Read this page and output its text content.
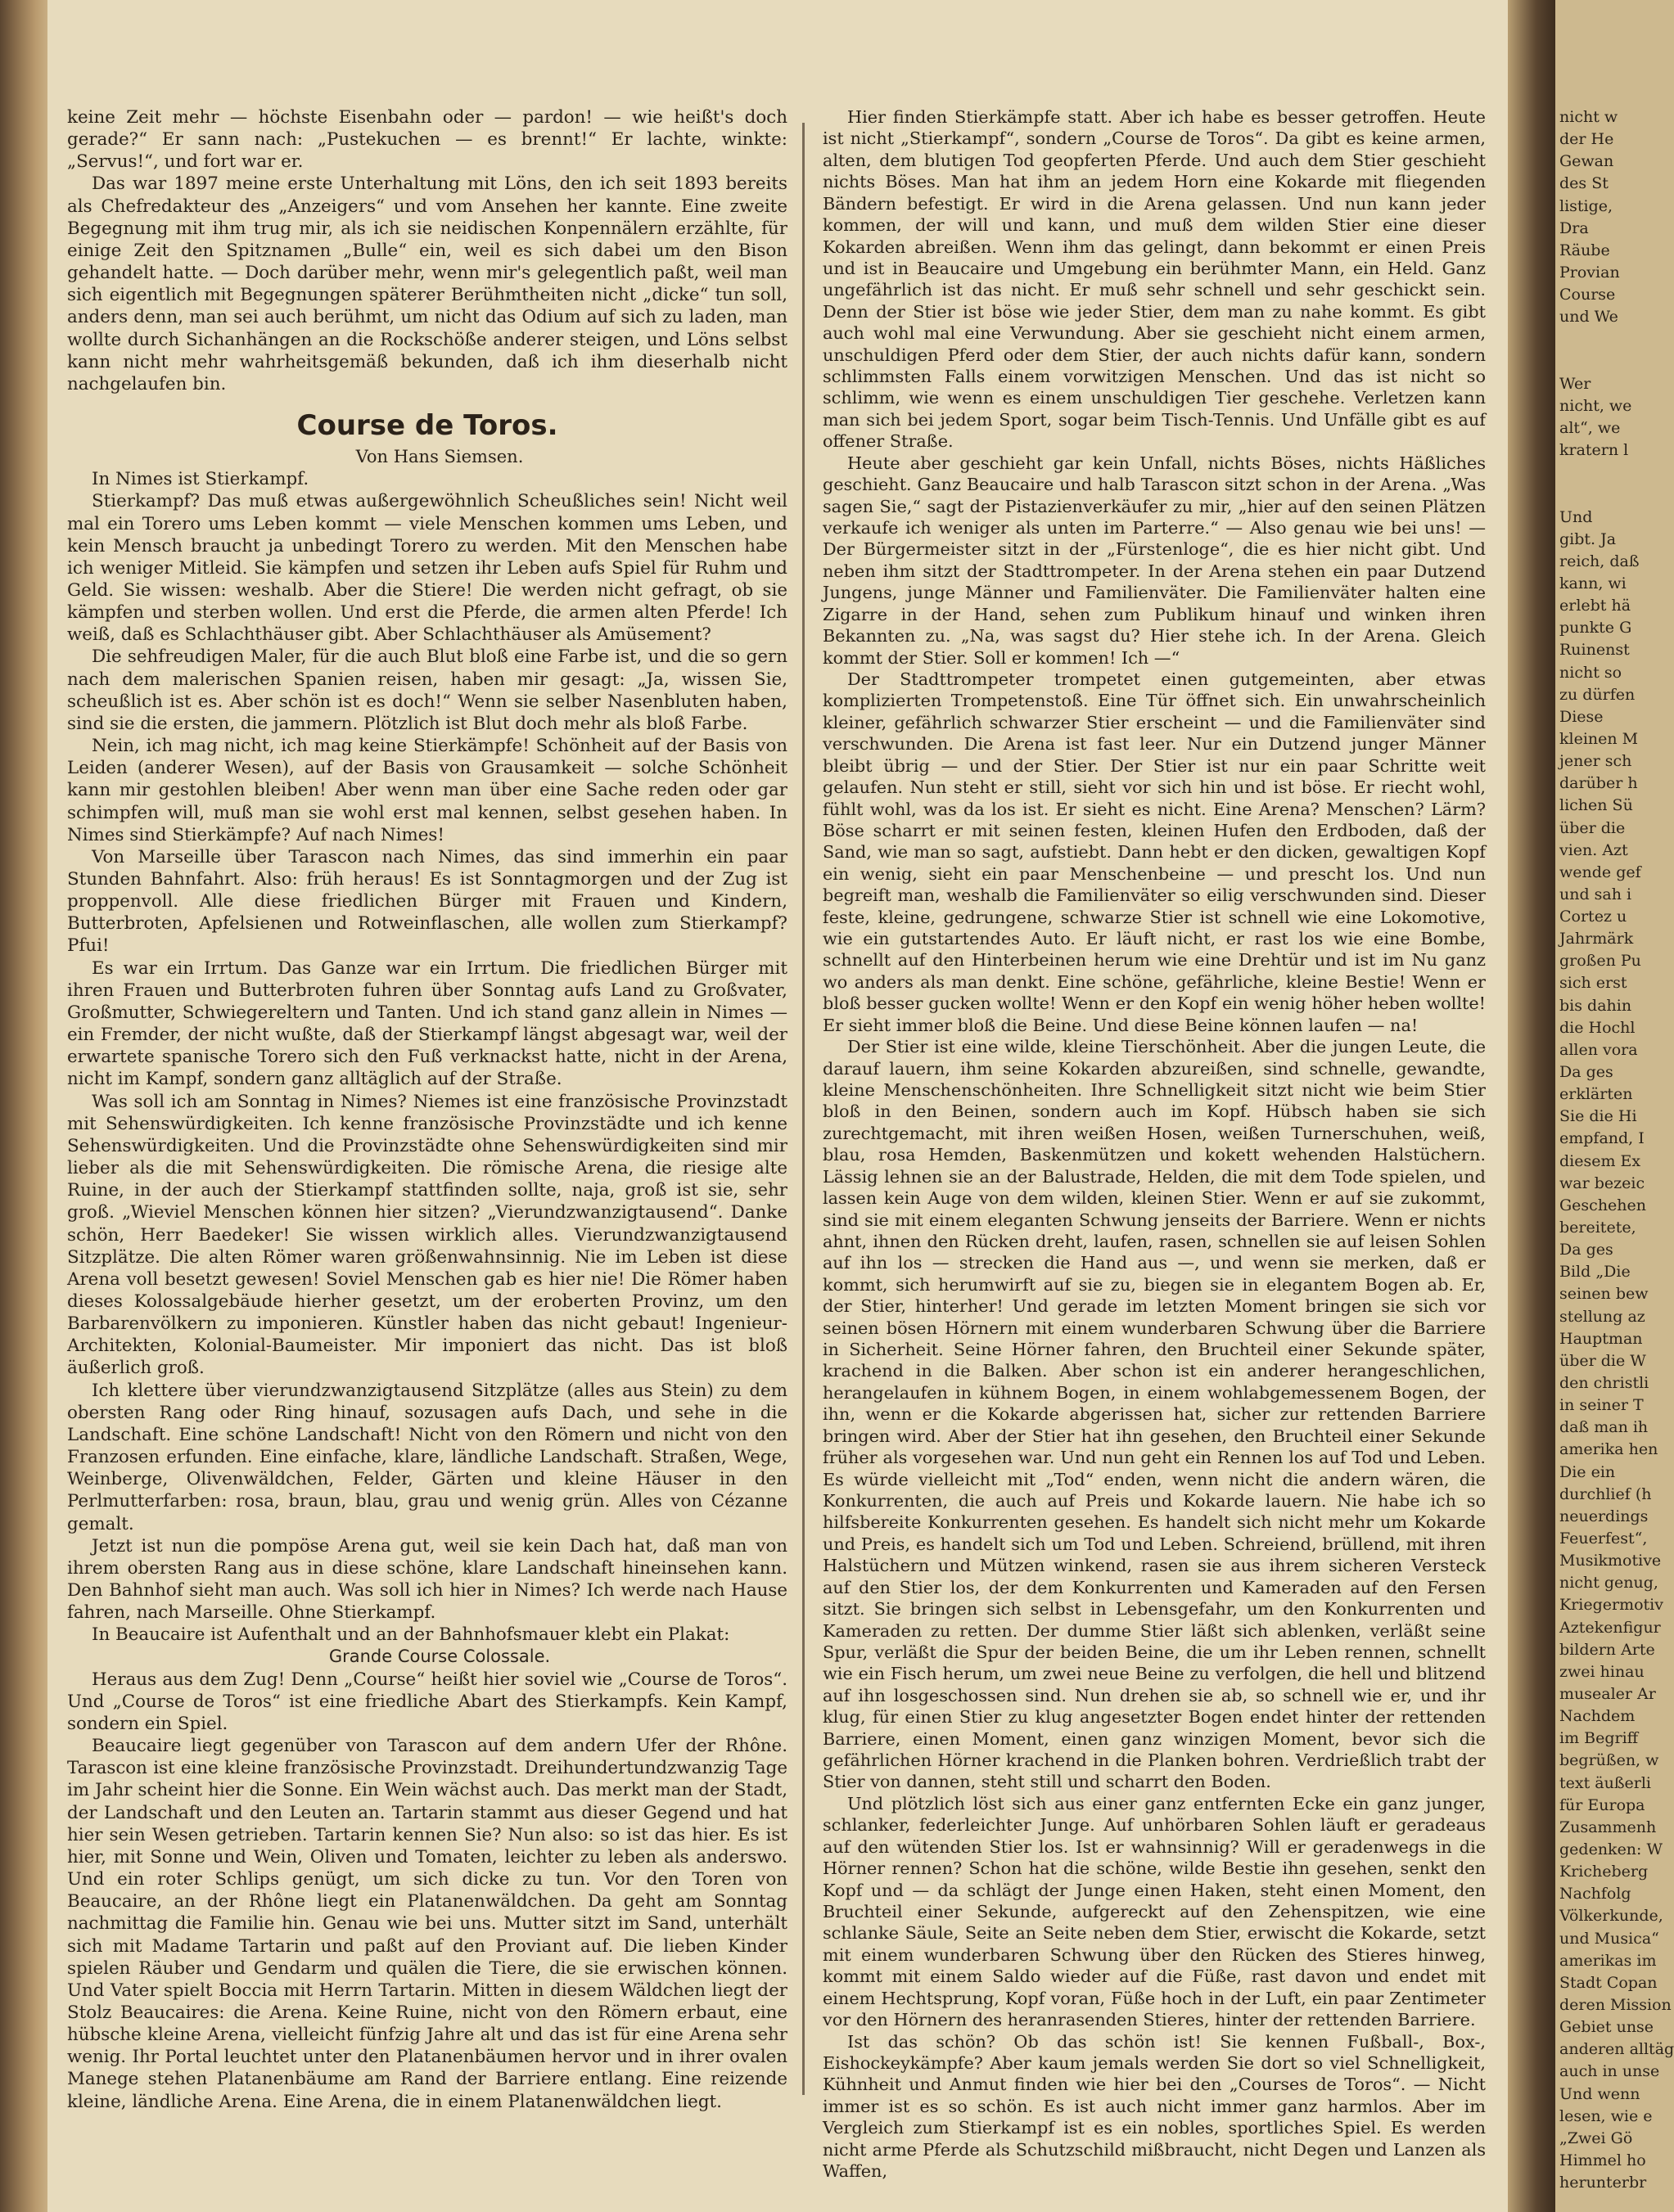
keine Zeit mehr — höchste Eisenbahn oder — pardon! — wie heißt's doch gerade?“ Er sann nach: „Pustekuchen — es brennt!“ Er lachte, winkte: „Servus!“, und fort war er.

Das war 1897 meine erste Unterhaltung mit Löns, den ich seit 1893 bereits als Chefredakteur des „Anzeigers“ und vom Ansehen her kannte. Eine zweite Begegnung mit ihm trug mir, als ich sie neidischen Konpennälern erzählte, für einige Zeit den Spitznamen „Bulle“ ein, weil es sich dabei um den Bison gehandelt hatte. — Doch darüber mehr, wenn mir's gelegentlich paßt, weil man sich eigentlich mit Begegnungen späterer Berühmtheiten nicht „dicke“ tun soll, anders denn, man sei auch berühmt, um nicht das Odium auf sich zu laden, man wollte durch Sichanhängen an die Rockschöße anderer steigen, und Löns selbst kann nicht mehr wahrheitsgemäß bekunden, daß ich ihm dieserhalb nicht nachgelaufen bin.

Course de Toros.

Von Hans Siemsen.

In Nimes ist Stierkampf.

Stierkampf? Das muß etwas außergewöhnlich Scheußliches sein! Nicht weil mal ein Torero ums Leben kommt — viele Menschen kommen ums Leben, und kein Mensch braucht ja unbedingt Torero zu werden. Mit den Menschen habe ich weniger Mitleid. Sie kämpfen und setzen ihr Leben aufs Spiel für Ruhm und Geld. Sie wissen: weshalb. Aber die Stiere! Die werden nicht gefragt, ob sie kämpfen und sterben wollen. Und erst die Pferde, die armen alten Pferde! Ich weiß, daß es Schlachthäuser gibt. Aber Schlachthäuser als Amüsement?

Die sehfreudigen Maler, für die auch Blut bloß eine Farbe ist, und die so gern nach dem malerischen Spanien reisen, haben mir gesagt: „Ja, wissen Sie, scheußlich ist es. Aber schön ist es doch!“ Wenn sie selber Nasenbluten haben, sind sie die ersten, die jammern. Plötzlich ist Blut doch mehr als bloß Farbe.

Nein, ich mag nicht, ich mag keine Stierkämpfe! Schönheit auf der Basis von Leiden (anderer Wesen), auf der Basis von Grausamkeit — solche Schönheit kann mir gestohlen bleiben! Aber wenn man über eine Sache reden oder gar schimpfen will, muß man sie wohl erst mal kennen, selbst gesehen haben. In Nimes sind Stierkämpfe? Auf nach Nimes!

Von Marseille über Tarascon nach Nimes, das sind immerhin ein paar Stunden Bahnfahrt. Also: früh heraus! Es ist Sonntagmorgen und der Zug ist proppenvoll. Alle diese friedlichen Bürger mit Frauen und Kindern, Butterbroten, Apfelsienen und Rotweinflaschen, alle wollen zum Stierkampf? Pfui!

Es war ein Irrtum. Das Ganze war ein Irrtum. Die friedlichen Bürger mit ihren Frauen und Butterbroten fuhren über Sonntag aufs Land zu Großvater, Großmutter, Schwiegereltern und Tanten. Und ich stand ganz allein in Nimes — ein Fremder, der nicht wußte, daß der Stierkampf längst abgesagt war, weil der erwartete spanische Torero sich den Fuß verknackst hatte, nicht in der Arena, nicht im Kampf, sondern ganz alltäglich auf der Straße.

Was soll ich am Sonntag in Nimes? Niemes ist eine französische Provinzstadt mit Sehenswürdigkeiten. Ich kenne französische Provinzstädte und ich kenne Sehenswürdigkeiten. Und die Provinzstädte ohne Sehenswürdigkeiten sind mir lieber als die mit Sehenswürdigkeiten. Die römische Arena, die riesige alte Ruine, in der auch der Stierkampf stattfinden sollte, naja, groß ist sie, sehr groß. „Wieviel Menschen können hier sitzen? „Vierundzwanzigtausend“. Danke schön, Herr Baedeker! Sie wissen wirklich alles. Vierundzwanzigtausend Sitzplätze. Die alten Römer waren größenwahnsinnig. Nie im Leben ist diese Arena voll besetzt gewesen! Soviel Menschen gab es hier nie! Die Römer haben dieses Kolossalgebäude hierher gesetzt, um der eroberten Provinz, um den Barbarenvölkern zu imponieren. Künstler haben das nicht gebaut! Ingenieur-Architekten, Kolonial-Baumeister. Mir imponiert das nicht. Das ist bloß äußerlich groß.

Ich klettere über vierundzwanzigtausend Sitzplätze (alles aus Stein) zu dem obersten Rang oder Ring hinauf, sozusagen aufs Dach, und sehe in die Landschaft. Eine schöne Landschaft! Nicht von den Römern und nicht von den Franzosen erfunden. Eine einfache, klare, ländliche Landschaft. Straßen, Wege, Weinberge, Olivenwäldchen, Felder, Gärten und kleine Häuser in den Perlmutterfarben: rosa, braun, blau, grau und wenig grün. Alles von Cézanne gemalt.

Jetzt ist nun die pompöse Arena gut, weil sie kein Dach hat, daß man von ihrem obersten Rang aus in diese schöne, klare Landschaft hineinsehen kann. Den Bahnhof sieht man auch. Was soll ich hier in Nimes? Ich werde nach Hause fahren, nach Marseille. Ohne Stierkampf.

In Beaucaire ist Aufenthalt und an der Bahnhofsmauer klebt ein Plakat:

Grande Course Colossale.

Heraus aus dem Zug! Denn „Course“ heißt hier soviel wie „Course de Toros“. Und „Course de Toros“ ist eine friedliche Abart des Stierkampfs. Kein Kampf, sondern ein Spiel.

Beaucaire liegt gegenüber von Tarascon auf dem andern Ufer der Rhône. Tarascon ist eine kleine französische Provinzstadt. Dreihundertundzwanzig Tage im Jahr scheint hier die Sonne. Ein Wein wächst auch. Das merkt man der Stadt, der Landschaft und den Leuten an. Tartarin stammt aus dieser Gegend und hat hier sein Wesen getrieben. Tartarin kennen Sie? Nun also: so ist das hier. Es ist hier, mit Sonne und Wein, Oliven und Tomaten, leichter zu leben als anderswo. Und ein roter Schlips genügt, um sich dicke zu tun. Vor den Toren von Beaucaire, an der Rhône liegt ein Platanenwäldchen. Da geht am Sonntag nachmittag die Familie hin. Genau wie bei uns. Mutter sitzt im Sand, unterhält sich mit Madame Tartarin und paßt auf den Proviant auf. Die lieben Kinder spielen Räuber und Gendarm und quälen die Tiere, die sie erwischen können. Und Vater spielt Boccia mit Herrn Tartarin. Mitten in diesem Wäldchen liegt der Stolz Beaucaires: die Arena. Keine Ruine, nicht von den Römern erbaut, eine hübsche kleine Arena, vielleicht fünfzig Jahre alt und das ist für eine Arena sehr wenig. Ihr Portal leuchtet unter den Platanenbäumen hervor und in ihrer ovalen Manege stehen Platanenbäume am Rand der Barriere entlang. Eine reizende kleine, ländliche Arena. Eine Arena, die in einem Platanenwäldchen liegt.

Hier finden Stierkämpfe statt. Aber ich habe es besser getroffen. Heute ist nicht „Stierkampf“, sondern „Course de Toros“. Da gibt es keine armen, alten, dem blutigen Tod geopferten Pferde. Und auch dem Stier geschieht nichts Böses. Man hat ihm an jedem Horn eine Kokarde mit fliegenden Bändern befestigt. Er wird in die Arena gelassen. Und nun kann jeder kommen, der will und kann, und muß dem wilden Stier eine dieser Kokarden abreißen. Wenn ihm das gelingt, dann bekommt er einen Preis und ist in Beaucaire und Umgebung ein berühmter Mann, ein Held. Ganz ungefährlich ist das nicht. Er muß sehr schnell und sehr geschickt sein. Denn der Stier ist böse wie jeder Stier, dem man zu nahe kommt. Es gibt auch wohl mal eine Verwundung. Aber sie geschieht nicht einem armen, unschuldigen Pferd oder dem Stier, der auch nichts dafür kann, sondern schlimmsten Falls einem vorwitzigen Menschen. Und das ist nicht so schlimm, wie wenn es einem unschuldigen Tier geschehe. Verletzen kann man sich bei jedem Sport, sogar beim Tisch-Tennis. Und Unfälle gibt es auf offener Straße.

Heute aber geschieht gar kein Unfall, nichts Böses, nichts Häßliches geschieht. Ganz Beaucaire und halb Tarascon sitzt schon in der Arena. „Was sagen Sie,“ sagt der Pistazienverkäufer zu mir, „hier auf den seinen Plätzen verkaufe ich weniger als unten im Parterre.“ — Also genau wie bei uns! — Der Bürgermeister sitzt in der „Fürstenloge“, die es hier nicht gibt. Und neben ihm sitzt der Stadttrompeter. In der Arena stehen ein paar Dutzend Jungens, junge Männer und Familienväter. Die Familienväter halten eine Zigarre in der Hand, sehen zum Publikum hinauf und winken ihren Bekannten zu. „Na, was sagst du? Hier stehe ich. In der Arena. Gleich kommt der Stier. Soll er kommen! Ich —“

Der Stadttrompeter trompetet einen gutgemeinten, aber etwas komplizierten Trompetenstoß. Eine Tür öffnet sich. Ein unwahrscheinlich kleiner, gefährlich schwarzer Stier erscheint — und die Familienväter sind verschwunden. Die Arena ist fast leer. Nur ein Dutzend junger Männer bleibt übrig — und der Stier. Der Stier ist nur ein paar Schritte weit gelaufen. Nun steht er still, sieht vor sich hin und ist böse. Er riecht wohl, fühlt wohl, was da los ist. Er sieht es nicht. Eine Arena? Menschen? Lärm? Böse scharrt er mit seinen festen, kleinen Hufen den Erdboden, daß der Sand, wie man so sagt, aufstiebt. Dann hebt er den dicken, gewaltigen Kopf ein wenig, sieht ein paar Menschenbeine — und prescht los. Und nun begreift man, weshalb die Familienväter so eilig verschwunden sind. Dieser feste, kleine, gedrungene, schwarze Stier ist schnell wie eine Lokomotive, wie ein gutstartendes Auto. Er läuft nicht, er rast los wie eine Bombe, schnellt auf den Hinterbeinen herum wie eine Drehtür und ist im Nu ganz wo anders als man denkt. Eine schöne, gefährliche, kleine Bestie! Wenn er bloß besser gucken wollte! Wenn er den Kopf ein wenig höher heben wollte! Er sieht immer bloß die Beine. Und diese Beine können laufen — na!

Der Stier ist eine wilde, kleine Tierschönheit. Aber die jungen Leute, die darauf lauern, ihm seine Kokarden abzureißen, sind schnelle, gewandte, kleine Menschenschönheiten. Ihre Schnelligkeit sitzt nicht wie beim Stier bloß in den Beinen, sondern auch im Kopf. Hübsch haben sie sich zurechtgemacht, mit ihren weißen Hosen, weißen Turnerschuhen, weiß, blau, rosa Hemden, Baskenmützen und kokett wehenden Halstüchern. Lässig lehnen sie an der Balustrade, Helden, die mit dem Tode spielen, und lassen kein Auge von dem wilden, kleinen Stier. Wenn er auf sie zukommt, sind sie mit einem eleganten Schwung jenseits der Barriere. Wenn er nichts ahnt, ihnen den Rücken dreht, laufen, rasen, schnellen sie auf leisen Sohlen auf ihn los — strecken die Hand aus —, und wenn sie merken, daß er kommt, sich herumwirft auf sie zu, biegen sie in elegantem Bogen ab. Er, der Stier, hinterher! Und gerade im letzten Moment bringen sie sich vor seinen bösen Hörnern mit einem wunderbaren Schwung über die Barriere in Sicherheit. Seine Hörner fahren, den Bruchteil einer Sekunde später, krachend in die Balken. Aber schon ist ein anderer herangeschlichen, herangelaufen in kühnem Bogen, in einem wohlabgemessenem Bogen, der ihn, wenn er die Kokarde abgerissen hat, sicher zur rettenden Barriere bringen wird. Aber der Stier hat ihn gesehen, den Bruchteil einer Sekunde früher als vorgesehen war. Und nun geht ein Rennen los auf Tod und Leben. Es würde vielleicht mit „Tod“ enden, wenn nicht die andern wären, die Konkurrenten, die auch auf Preis und Kokarde lauern. Nie habe ich so hilfsbereite Konkurrenten gesehen. Es handelt sich nicht mehr um Kokarde und Preis, es handelt sich um Tod und Leben. Schreiend, brüllend, mit ihren Halstüchern und Mützen winkend, rasen sie aus ihrem sicheren Versteck auf den Stier los, der dem Konkurrenten und Kameraden auf den Fersen sitzt. Sie bringen sich selbst in Lebensgefahr, um den Konkurrenten und Kameraden zu retten. Der dumme Stier läßt sich ablenken, verläßt seine Spur, verläßt die Spur der beiden Beine, die um ihr Leben rennen, schnellt wie ein Fisch herum, um zwei neue Beine zu verfolgen, die hell und blitzend auf ihn losgeschossen sind. Nun drehen sie ab, so schnell wie er, und ihr klug, für einen Stier zu klug angesetzter Bogen endet hinter der rettenden Barriere, einen Moment, einen ganz winzigen Moment, bevor sich die gefährlichen Hörner krachend in die Planken bohren. Verdrießlich trabt der Stier von dannen, steht still und scharrt den Boden.

Und plötzlich löst sich aus einer ganz entfernten Ecke ein ganz junger, schlanker, federleichter Junge. Auf unhörbaren Sohlen läuft er geradeaus auf den wütenden Stier los. Ist er wahnsinnig? Will er geradenwegs in die Hörner rennen? Schon hat die schöne, wilde Bestie ihn gesehen, senkt den Kopf und — da schlägt der Junge einen Haken, steht einen Moment, den Bruchteil einer Sekunde, aufgereckt auf den Zehenspitzen, wie eine schlanke Säule, Seite an Seite neben dem Stier, erwischt die Kokarde, setzt mit einem wunderbaren Schwung über den Rücken des Stieres hinweg, kommt mit einem Saldo wieder auf die Füße, rast davon und endet mit einem Hechtsprung, Kopf voran, Füße hoch in der Luft, ein paar Zentimeter vor den Hörnern des heranrasenden Stieres, hinter der rettenden Barriere.

Ist das schön? Ob das schön ist! Sie kennen Fußball-, Box-, Eishockeykämpfe? Aber kaum jemals werden Sie dort so viel Schnelligkeit, Kühnheit und Anmut finden wie hier bei den „Courses de Toros“. — Nicht immer ist es so schön. Es ist auch nicht immer ganz harmlos. Aber im Vergleich zum Stierkampf ist es ein nobles, sportliches Spiel. Es werden nicht arme Pferde als Schutzschild mißbraucht, nicht Degen und Lanzen als Waffen,

nicht w
der He
Gewan
des St
listige,
Dra
Räube
Provian
Course
und We
Wer
nicht, we
alt“, we
kratern l
Und
gibt. Ja
reich, daß
kann, wi
erlebt hä
punkte G
Ruinenst
nicht so
zu dürfen
Diese
kleinen M
jener sch
darüber h
lichen Sü
über die
vien. Azt
wende gef
und sah i
Cortez u
Jahrmärk
großen Pu
sich erst
bis dahin
die Hochl
allen vora
Da ges
erklärten
Sie die Hi
empfand, I
diesem Ex
war bezeic
Geschehen
bereitete,
Da ges
Bild „Die
seinen bew
stellung az
Hauptman
über die W
den christli
in seiner T
daß man ih
amerika hen
Die ein
durchlief (h
neuerdings
Feuerfest“,
Musikmotive
nicht genug,
Kriegermotiv
Aztekenfigur
bildern Arte
zwei hinau
musealer Ar
Nachdem
im Begriff
begrüßen, w
text äußerli
für Europa
Zusammenh
gedenken: W
Kricheberg
Nachfolg
Völkerkunde,
und Musica“
amerikas im
Stadt Copan
deren Mission
Gebiet unse
anderen alltäg
auch in unse
Und wenn
lesen, wie e
„Zwei Gö
Himmel ho
herunterbr
